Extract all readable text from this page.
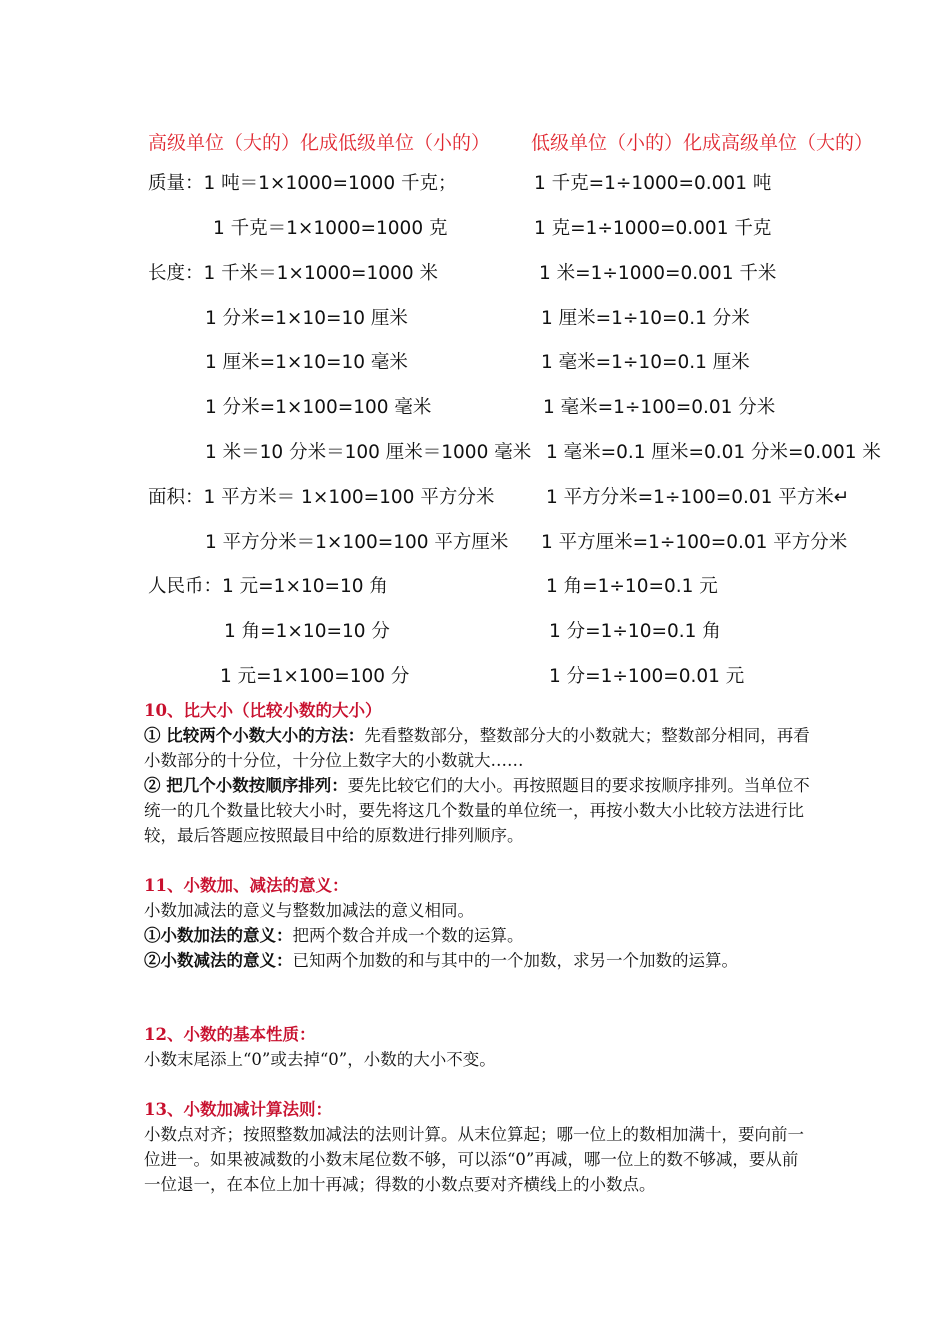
高级单位（大的）化成低级单位（小的） 低级单位（小的）化成高级单位（大的）
质量：1 吨＝1×1000=1000 千克；	1 千克=1÷1000=0.001 吨
1 千克＝1×1000=1000 克	1 克=1÷1000=0.001 千克
长度：1 千米＝1×1000=1000 米	1 米=1÷1000=0.001 千米
1 分米=1×10=10 厘米	1 厘米=1÷10=0.1 分米
1 厘米=1×10=10 毫米	1 毫米=1÷10=0.1 厘米
1 分米=1×100=100 毫米	1 毫米=1÷100=0.01 分米
1 米＝10 分米＝100 厘米＝1000 毫米 1 毫米=0.1 厘米=0.01 分米=0.001 米
面积：1 平方米＝ 1×100=100 平方分米	1 平方分米=1÷100=0.01 平方米↵
1 平方分米＝1×100=100 平方厘米 1 平方厘米=1÷100=0.01 平方分米
人民币：1 元=1×10=10 角	1 角=1÷10=0.1 元
1 角=1×10=10 分	1 分=1÷10=0.1 角
1 元=1×100=100 分	1 分=1÷100=0.01 元

10、比大小（比较小数的大小）

① 比较两个小数大小的方法：先看整数部分，整数部分大的小数就大；整数部分相同，再看小数部分的十分位，十分位上数字大的小数就大……

② 把几个小数按顺序排列：要先比较它们的大小。再按照题目的要求按顺序排列。当单位不统一的几个数量比较大小时，要先将这几个数量的单位统一，再按小数大小比较方法进行比较，最后答题应按照最目中给的原数进行排列顺序。

11、小数加、减法的意义：

小数加减法的意义与整数加减法的意义相同。

①小数加法的意义：把两个数合并成一个数的运算。

②小数减法的意义：已知两个加数的和与其中的一个加数，求另一个加数的运算。

12、小数的基本性质：

小数末尾添上“0”或去掉“0”，小数的大小不变。

13、小数加减计算法则：

小数点对齐；按照整数加减法的法则计算。从末位算起；哪一位上的数相加满十，要向前一位进一。如果被减数的小数末尾位数不够，可以添“0”再减，哪一位上的数不够减，要从前一位退一，在本位上加十再减；得数的小数点要对齐横线上的小数点。
